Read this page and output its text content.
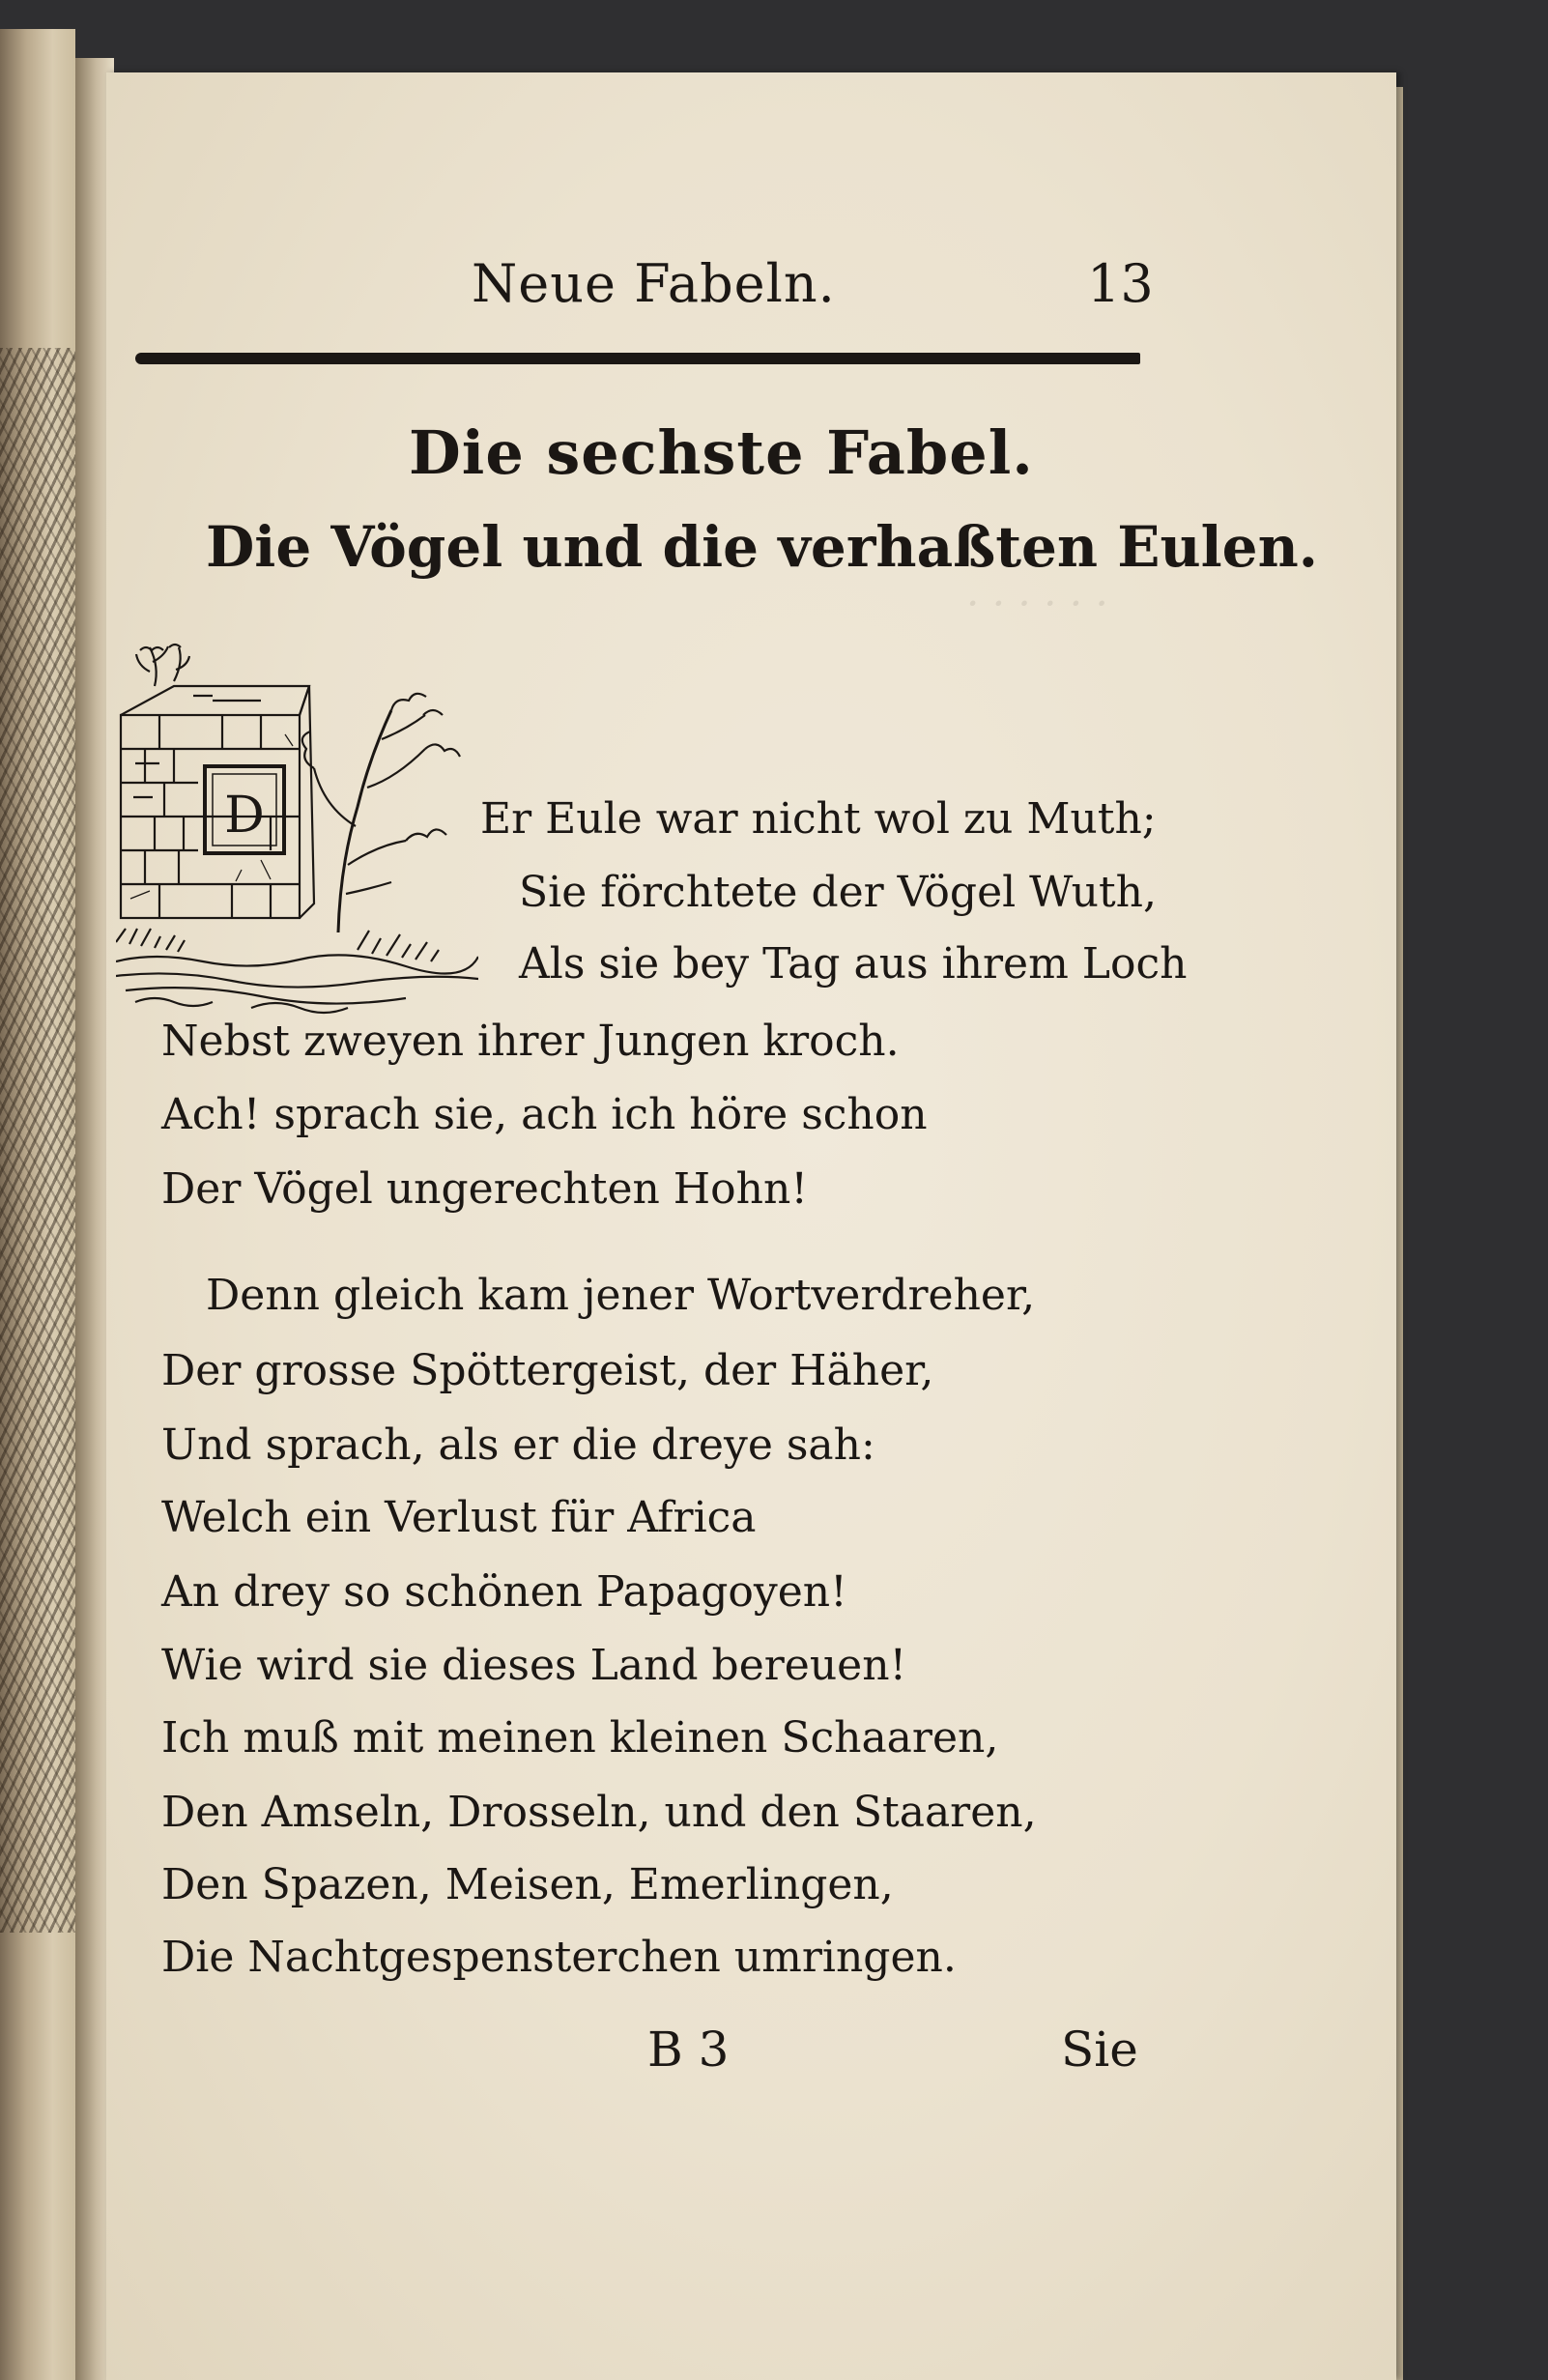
· · · · · ·
Neue Fabeln.	13
Die sechste Fabel.
Die Vögel und die verhaßten Eulen.
D	Er Eule war nicht wol zu Muth;
Sie förchtete der Vögel Wuth,
Als sie bey Tag aus ihrem Loch
Nebst zweyen ihrer Jungen kroch.
Ach! sprach sie, ach ich höre schon
Der Vögel ungerechten Hohn!
Denn gleich kam jener Wortverdreher,
Der grosse Spöttergeist, der Häher,
Und sprach, als er die dreye sah:
Welch ein Verlust für Africa
An drey so schönen Papagoyen!
Wie wird sie dieses Land bereuen!
Ich muß mit meinen kleinen Schaaren,
Den Amseln, Drosseln, und den Staaren,
Den Spazen, Meisen, Emerlingen,
Die Nachtgespensterchen umringen.
B 3	Sie
